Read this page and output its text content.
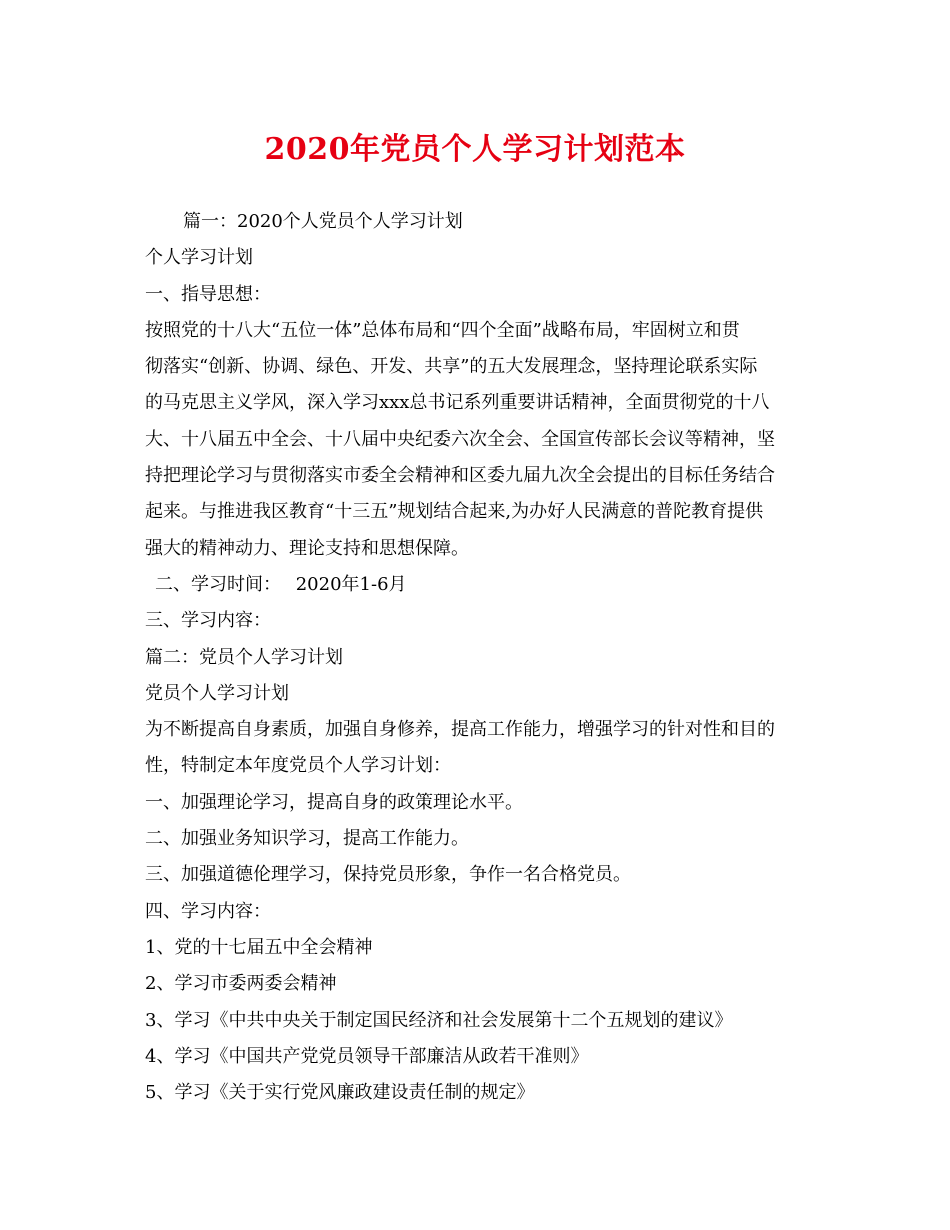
2020年党员个人学习计划范本
篇一：2020个人党员个人学习计划
个人学习计划
一、指导思想：
按照党的十八大“五位一体”总体布局和“四个全面”战略布局，牢固树立和贯
彻落实“创新、协调、绿色、开发、共享”的五大发展理念，坚持理论联系实际
的马克思主义学风，深入学习xxx总书记系列重要讲话精神，全面贯彻党的十八
大、十八届五中全会、十八届中央纪委六次全会、全国宣传部长会议等精神，坚
持把理论学习与贯彻落实市委全会精神和区委九届九次全会提出的目标任务结合
起来。与推进我区教育“十三五”规划结合起来,为办好人民满意的普陀教育提供
强大的精神动力、理论支持和思想保障。
二、学习时间：　 2020年1-6月
三、学习内容：
篇二：党员个人学习计划
党员个人学习计划
为不断提高自身素质，加强自身修养，提高工作能力，增强学习的针对性和目的
性，特制定本年度党员个人学习计划：
一、加强理论学习，提高自身的政策理论水平。
二、加强业务知识学习，提高工作能力。
三、加强道德伦理学习，保持党员形象，争作一名合格党员。
四、学习内容：
1、党的十七届五中全会精神
2、学习市委两委会精神
3、学习《中共中央关于制定国民经济和社会发展第十二个五规划的建议》
4、学习《中国共产党党员领导干部廉洁从政若干准则》
5、学习《关于实行党风廉政建设责任制的规定》
